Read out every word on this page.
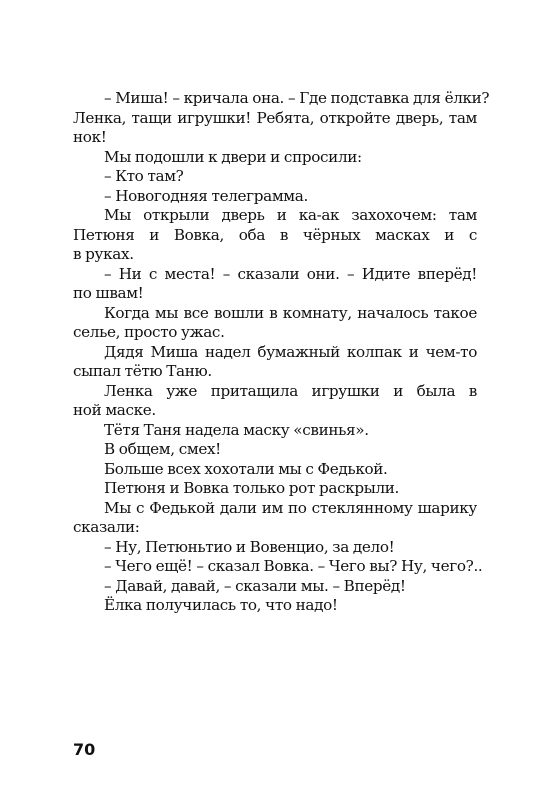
– Миша! – кричала она. – Где подставка для ёлки?
Ленка, тащи игрушки! Ребята, откройте дверь, там
нок!
Мы подошли к двери и спросили:
– Кто там?
– Новогодняя телеграмма.
Мы открыли дверь и ка-ак захохочем: там
Петюня и Вовка, оба в чёрных масках и с
в руках.
– Ни с места! – сказали они. – Идите вперёд!
по швам!
Когда мы все вошли в комнату, началось такое
селье, просто ужас.
Дядя Миша надел бумажный колпак и чем-то
сыпал тётю Таню.
Ленка уже притащила игрушки и была в
ной маске.
Тётя Таня надела маску «свинья».
В общем, смех!
Больше всех хохотали мы с Федькой.
Петюня и Вовка только рот раскрыли.
Мы с Федькой дали им по стеклянному шарику
сказали:
– Ну, Петюньтио и Вовенцио, за дело!
– Чего ещё! – сказал Вовка. – Чего вы? Ну, чего?..
– Давай, давай, – сказали мы. – Вперёд!
Ёлка получилась то, что надо!
70
